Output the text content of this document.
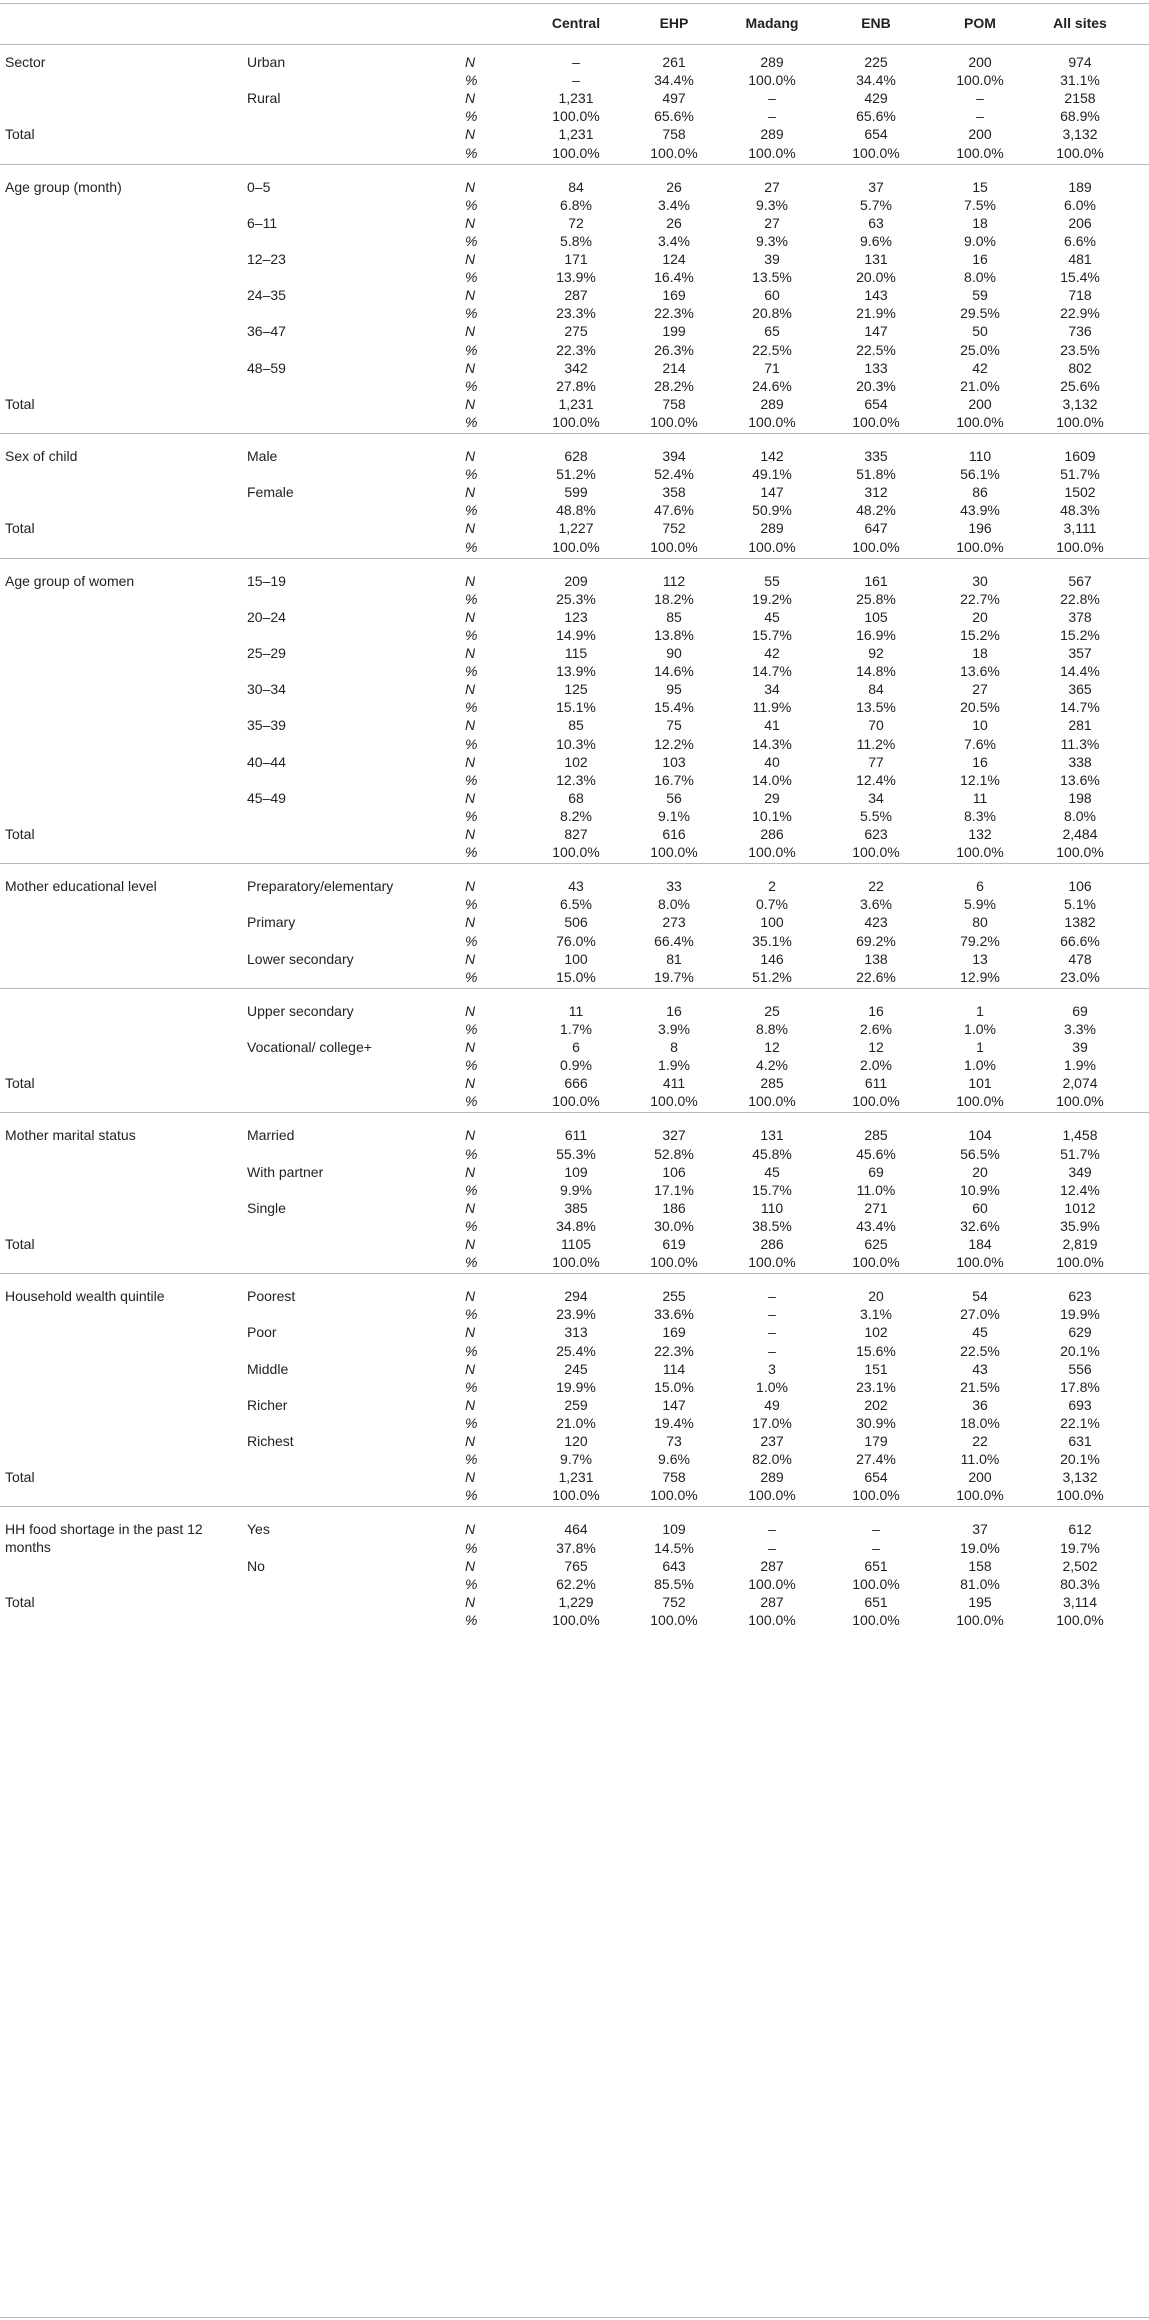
Central	EHP	Madang	ENB	POM	All sites
Sector	Urban	N	–	261	289	225	200	974
%	–	34.4%	100.0%	34.4%	100.0%	31.1%
Rural	N	1,231	497	–	429	–	2158
%	100.0%	65.6%	–	65.6%	–	68.9%
Total	N	1,231	758	289	654	200	3,132
%	100.0%	100.0%	100.0%	100.0%	100.0%	100.0%
Age group (month)	0–5	N	84	26	27	37	15	189
%	6.8%	3.4%	9.3%	5.7%	7.5%	6.0%
6–11	N	72	26	27	63	18	206
%	5.8%	3.4%	9.3%	9.6%	9.0%	6.6%
12–23	N	171	124	39	131	16	481
%	13.9%	16.4%	13.5%	20.0%	8.0%	15.4%
24–35	N	287	169	60	143	59	718
%	23.3%	22.3%	20.8%	21.9%	29.5%	22.9%
36–47	N	275	199	65	147	50	736
%	22.3%	26.3%	22.5%	22.5%	25.0%	23.5%
48–59	N	342	214	71	133	42	802
%	27.8%	28.2%	24.6%	20.3%	21.0%	25.6%
Total	N	1,231	758	289	654	200	3,132
%	100.0%	100.0%	100.0%	100.0%	100.0%	100.0%
Sex of child	Male	N	628	394	142	335	110	1609
%	51.2%	52.4%	49.1%	51.8%	56.1%	51.7%
Female	N	599	358	147	312	86	1502
%	48.8%	47.6%	50.9%	48.2%	43.9%	48.3%
Total	N	1,227	752	289	647	196	3,111
%	100.0%	100.0%	100.0%	100.0%	100.0%	100.0%
Age group of women	15–19	N	209	112	55	161	30	567
%	25.3%	18.2%	19.2%	25.8%	22.7%	22.8%
20–24	N	123	85	45	105	20	378
%	14.9%	13.8%	15.7%	16.9%	15.2%	15.2%
25–29	N	115	90	42	92	18	357
%	13.9%	14.6%	14.7%	14.8%	13.6%	14.4%
30–34	N	125	95	34	84	27	365
%	15.1%	15.4%	11.9%	13.5%	20.5%	14.7%
35–39	N	85	75	41	70	10	281
%	10.3%	12.2%	14.3%	11.2%	7.6%	11.3%
40–44	N	102	103	40	77	16	338
%	12.3%	16.7%	14.0%	12.4%	12.1%	13.6%
45–49	N	68	56	29	34	11	198
%	8.2%	9.1%	10.1%	5.5%	8.3%	8.0%
Total	N	827	616	286	623	132	2,484
%	100.0%	100.0%	100.0%	100.0%	100.0%	100.0%
Mother educational level	Preparatory/elementary	N	43	33	2	22	6	106
%	6.5%	8.0%	0.7%	3.6%	5.9%	5.1%
Primary	N	506	273	100	423	80	1382
%	76.0%	66.4%	35.1%	69.2%	79.2%	66.6%
Lower secondary	N	100	81	146	138	13	478
%	15.0%	19.7%	51.2%	22.6%	12.9%	23.0%
Upper secondary	N	11	16	25	16	1	69
%	1.7%	3.9%	8.8%	2.6%	1.0%	3.3%
Vocational/ college+	N	6	8	12	12	1	39
%	0.9%	1.9%	4.2%	2.0%	1.0%	1.9%
Total	N	666	411	285	611	101	2,074
%	100.0%	100.0%	100.0%	100.0%	100.0%	100.0%
Mother marital status	Married	N	611	327	131	285	104	1,458
%	55.3%	52.8%	45.8%	45.6%	56.5%	51.7%
With partner	N	109	106	45	69	20	349
%	9.9%	17.1%	15.7%	11.0%	10.9%	12.4%
Single	N	385	186	110	271	60	1012
%	34.8%	30.0%	38.5%	43.4%	32.6%	35.9%
Total	N	1105	619	286	625	184	2,819
%	100.0%	100.0%	100.0%	100.0%	100.0%	100.0%
Household wealth quintile	Poorest	N	294	255	–	20	54	623
%	23.9%	33.6%	–	3.1%	27.0%	19.9%
Poor	N	313	169	–	102	45	629
%	25.4%	22.3%	–	15.6%	22.5%	20.1%
Middle	N	245	114	3	151	43	556
%	19.9%	15.0%	1.0%	23.1%	21.5%	17.8%
Richer	N	259	147	49	202	36	693
%	21.0%	19.4%	17.0%	30.9%	18.0%	22.1%
Richest	N	120	73	237	179	22	631
%	9.7%	9.6%	82.0%	27.4%	11.0%	20.1%
Total	N	1,231	758	289	654	200	3,132
%	100.0%	100.0%	100.0%	100.0%	100.0%	100.0%
HH food shortage in the past 12 months
Yes	N	464	109	–	–	37	612
%	37.8%	14.5%	–	–	19.0%	19.7%
No	N	765	643	287	651	158	2,502
%	62.2%	85.5%	100.0%	100.0%	81.0%	80.3%
Total	N	1,229	752	287	651	195	3,114
%	100.0%	100.0%	100.0%	100.0%	100.0%	100.0%
